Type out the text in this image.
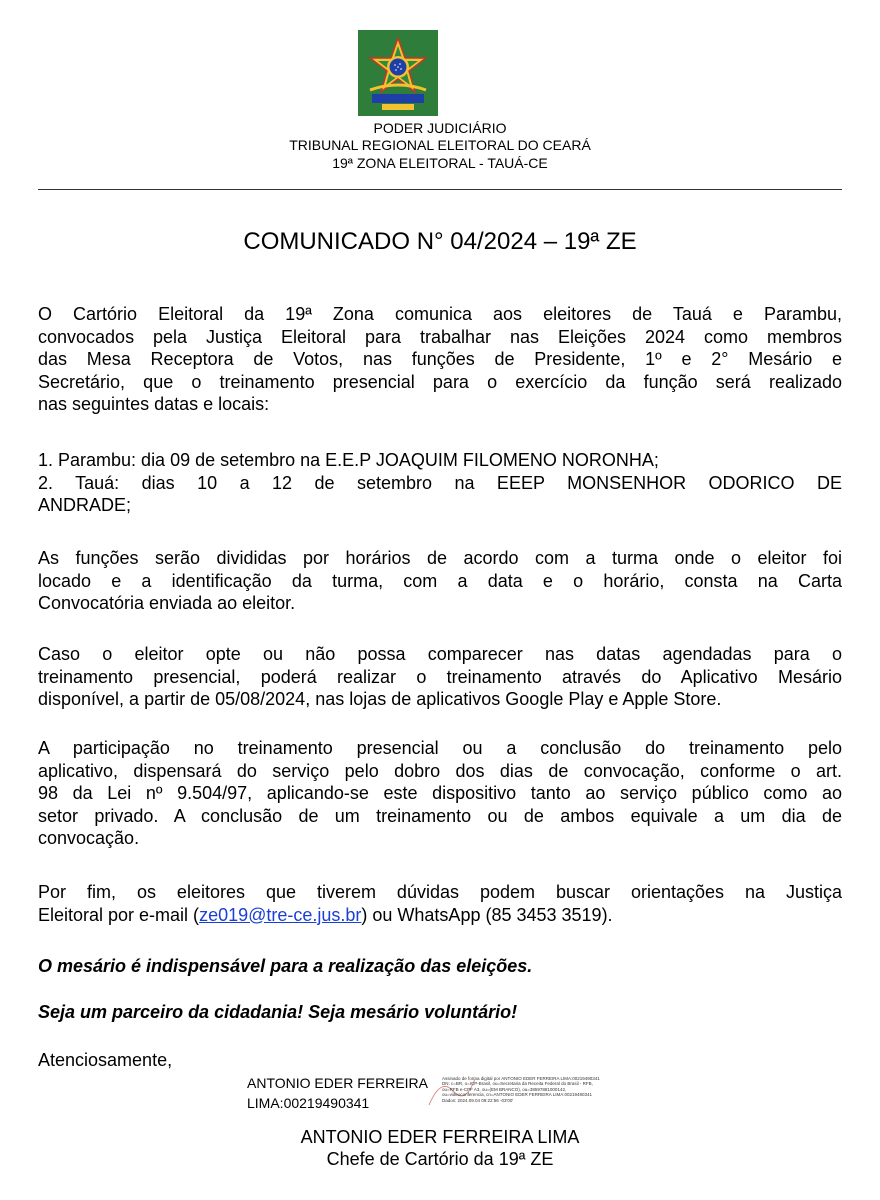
PODER JUDICIÁRIO
TRIBUNAL REGIONAL ELEITORAL DO CEARÁ
19ª ZONA ELEITORAL - TAUÁ-CE
COMUNICADO N° 04/2024 – 19ª ZE
O Cartório Eleitoral da 19ª Zona comunica aos eleitores de Tauá e Parambu,
convocados pela Justiça Eleitoral para trabalhar nas Eleições 2024 como membros
das Mesa Receptora de Votos, nas funções de Presidente, 1º e 2° Mesário e
Secretário, que o treinamento presencial para o exercício da função será realizado
nas seguintes datas e locais:
1. Parambu: dia 09 de setembro na E.E.P JOAQUIM FILOMENO NORONHA;
2. Tauá: dias 10 a 12 de setembro na EEEP MONSENHOR ODORICO DE
ANDRADE;
As funções serão divididas por horários de acordo com a turma onde o eleitor foi
locado e a identificação da turma, com a data e o horário, consta na Carta
Convocatória enviada ao eleitor.
Caso o eleitor opte ou não possa comparecer nas datas agendadas para o
treinamento presencial, poderá realizar o treinamento através do Aplicativo Mesário
disponível, a partir de 05/08/2024, nas lojas de aplicativos Google Play e Apple Store.
A participação no treinamento presencial ou a conclusão do treinamento pelo
aplicativo, dispensará do serviço pelo dobro dos dias de convocação, conforme o art.
98 da Lei nº 9.504/97, aplicando-se este dispositivo tanto ao serviço público como ao
setor privado. A conclusão de um treinamento ou de ambos equivale a um dia de
convocação.
Por fim, os eleitores que tiverem dúvidas podem buscar orientações na Justiça
Eleitoral por e-mail (ze019@tre-ce.jus.br) ou WhatsApp (85 3453 3519).
O mesário é indispensável para a realização das eleições.
Seja um parceiro da cidadania! Seja mesário voluntário!
Atenciosamente,
ANTONIO EDER FERREIRA
LIMA:00219490341
Assinado de forma digital por ANTONIO EDER FERREIRA LIMA:00219490341
DN: c=BR, o=ICP-Brasil, ou=Secretaria da Receita Federal do Brasil - RFB,
ou=RFB e-CPF A3, ou=(EM BRANCO), ou=38597881000142,
ou=videoconferencia, cn=ANTONIO EDER FERREIRA LIMA:00219490341
Dados: 2024.09.04 09:22:56 -03'00'
ANTONIO EDER FERREIRA LIMA
Chefe de Cartório da 19ª ZE
